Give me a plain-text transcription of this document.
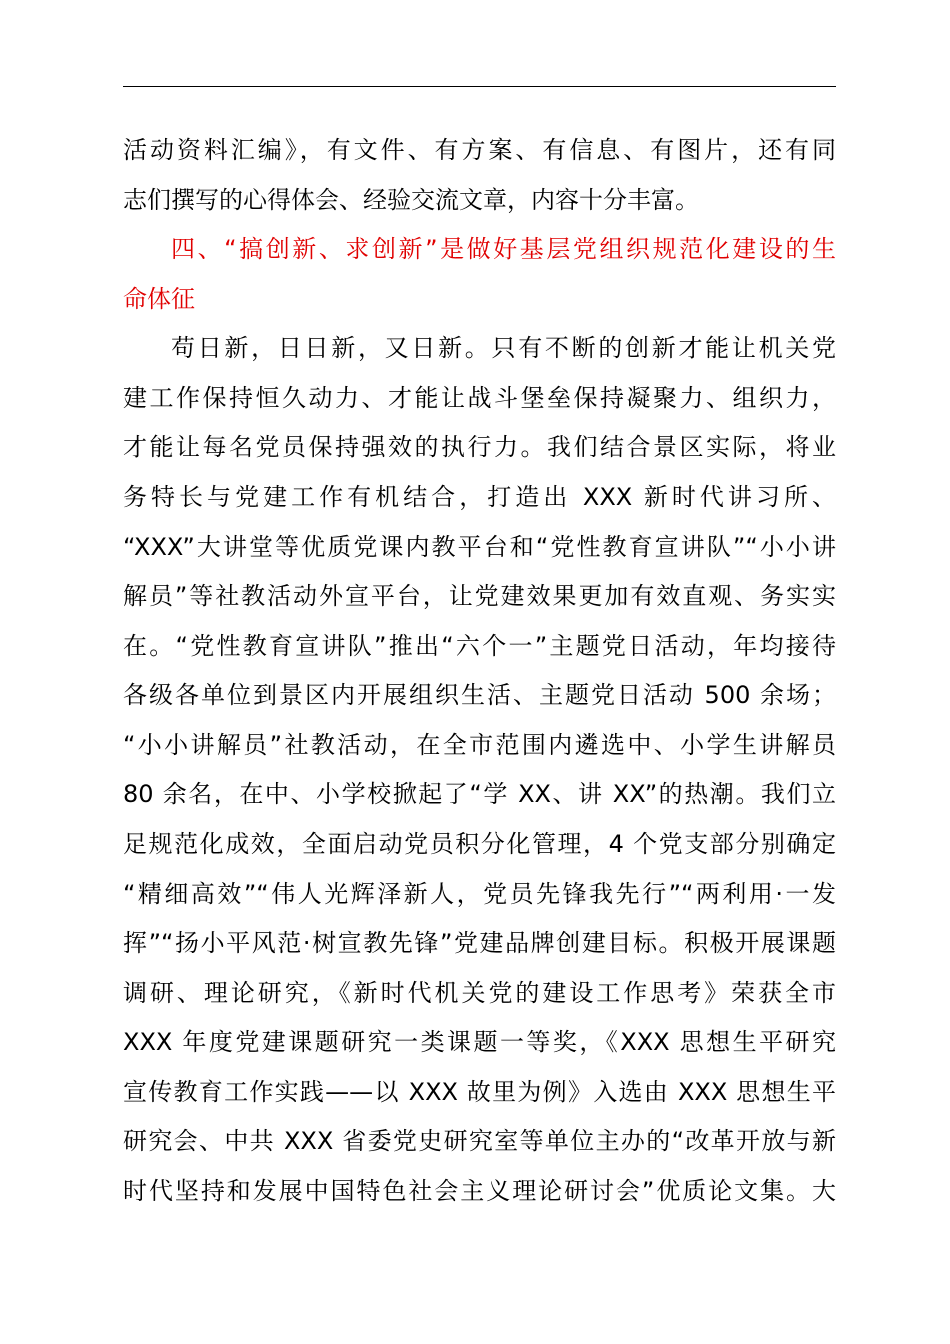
活动资料汇编》，有文件、有方案、有信息、有图片，还有同
志们撰写的心得体会、经验交流文章，内容十分丰富。
四、“搞创新、求创新”是做好基层党组织规范化建设的生
命体征
苟日新，日日新，又日新。只有不断的创新才能让机关党
建工作保持恒久动力、才能让战斗堡垒保持凝聚力、组织力，
才能让每名党员保持强效的执行力。我们结合景区实际，将业
务特长与党建工作有机结合，打造出 XXX 新时代讲习所、
“XXX”大讲堂等优质党课内教平台和“党性教育宣讲队”“小小讲
解员”等社教活动外宣平台，让党建效果更加有效直观、务实实
在。“党性教育宣讲队”推出“六个一”主题党日活动，年均接待
各级各单位到景区内开展组织生活、主题党日活动 500 余场；
“小小讲解员”社教活动，在全市范围内遴选中、小学生讲解员
80 余名，在中、小学校掀起了“学 XX、讲 XX”的热潮。我们立
足规范化成效，全面启动党员积分化管理，4 个党支部分别确定
“精细高效”“伟人光辉泽新人，党员先锋我先行”“两利用·一发
挥”“扬小平风范·树宣教先锋”党建品牌创建目标。积极开展课题
调研、理论研究，《新时代机关党的建设工作思考》荣获全市
XXX 年度党建课题研究一类课题一等奖，《XXX 思想生平研究
宣传教育工作实践——以 XXX 故里为例》入选由 XXX 思想生平
研究会、中共 XXX 省委党史研究室等单位主办的“改革开放与新
时代坚持和发展中国特色社会主义理论研讨会”优质论文集。大
